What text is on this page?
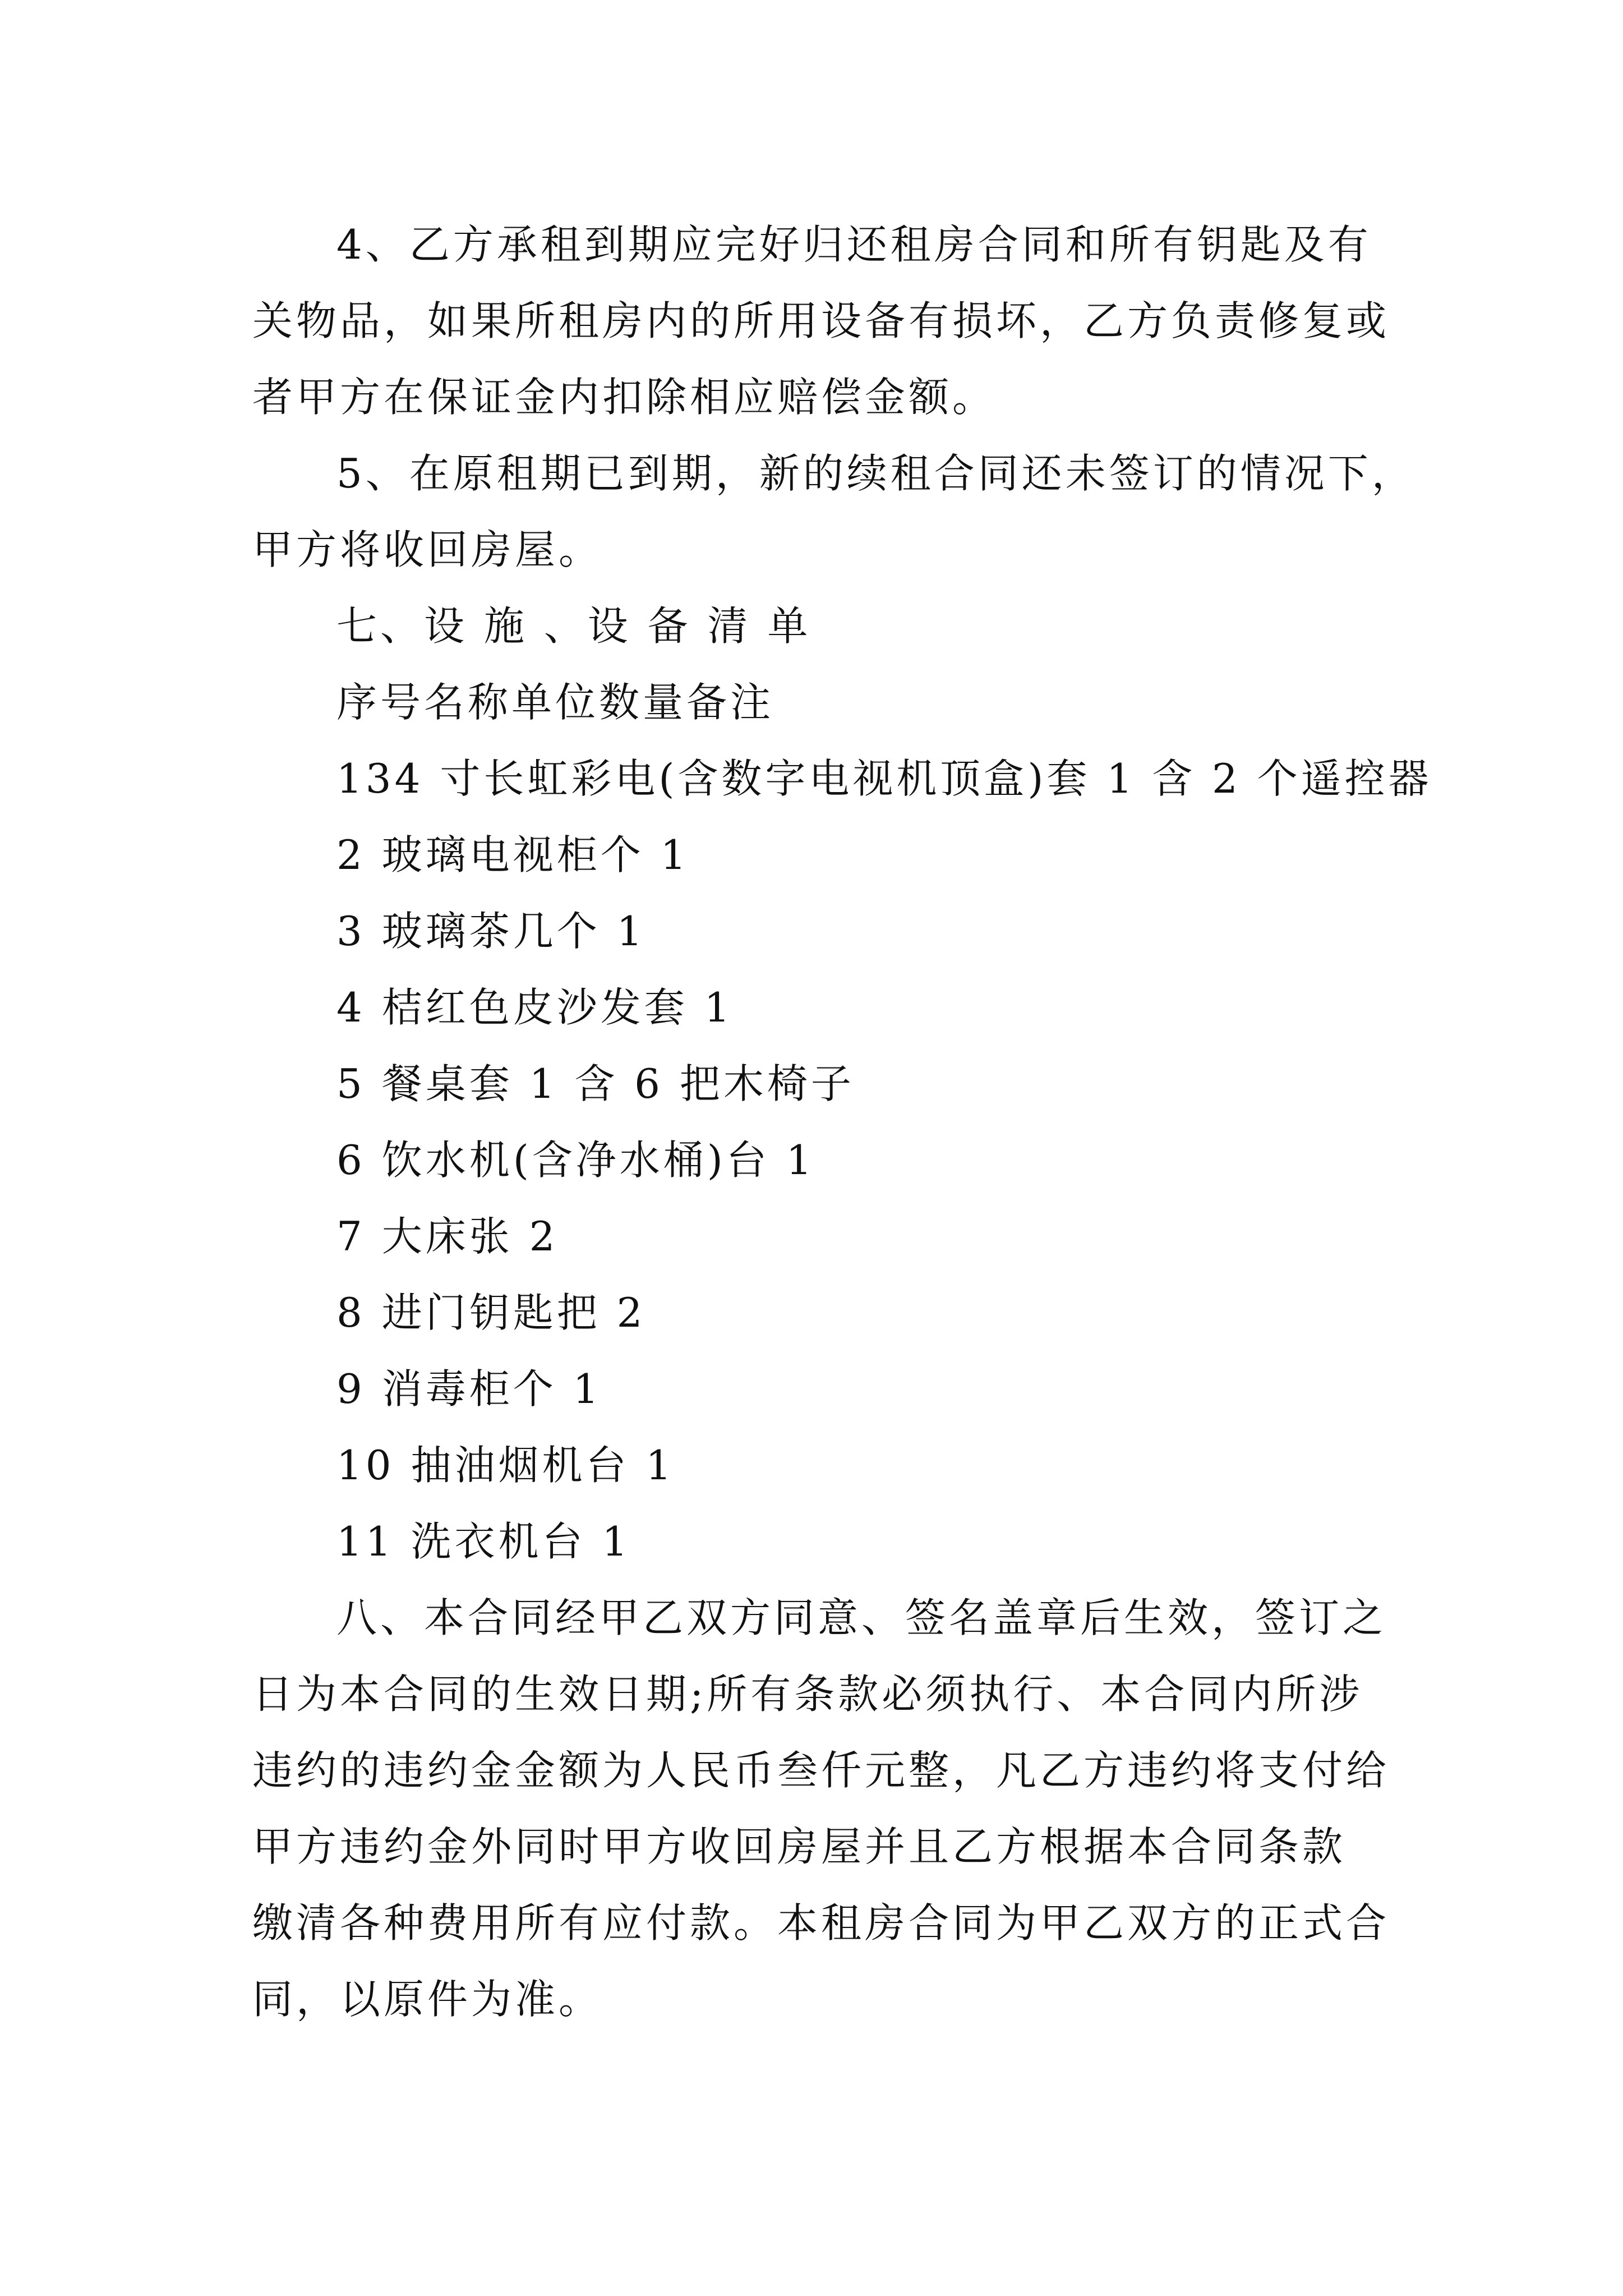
4、乙方承租到期应完好归还租房合同和所有钥匙及有
关物品，如果所租房内的所用设备有损坏，乙方负责修复或
者甲方在保证金内扣除相应赔偿金额。
5、在原租期已到期，新的续租合同还未签订的情况下，
甲方将收回房屋。
七、设 施 、设 备 清 单
序号名称单位数量备注
134 寸长虹彩电(含数字电视机顶盒)套 1 含 2 个遥控器
2 玻璃电视柜个 1
3 玻璃茶几个 1
4 桔红色皮沙发套 1
5 餐桌套 1 含 6 把木椅子
6 饮水机(含净水桶)台 1
7 大床张 2
8 进门钥匙把 2
9 消毒柜个 1
10 抽油烟机台 1
11 洗衣机台 1
八、本合同经甲乙双方同意、签名盖章后生效，签订之
日为本合同的生效日期;所有条款必须执行、本合同内所涉
违约的违约金金额为人民币叁仟元整，凡乙方违约将支付给
甲方违约金外同时甲方收回房屋并且乙方根据本合同条款
缴清各种费用所有应付款。本租房合同为甲乙双方的正式合
同，以原件为准。
